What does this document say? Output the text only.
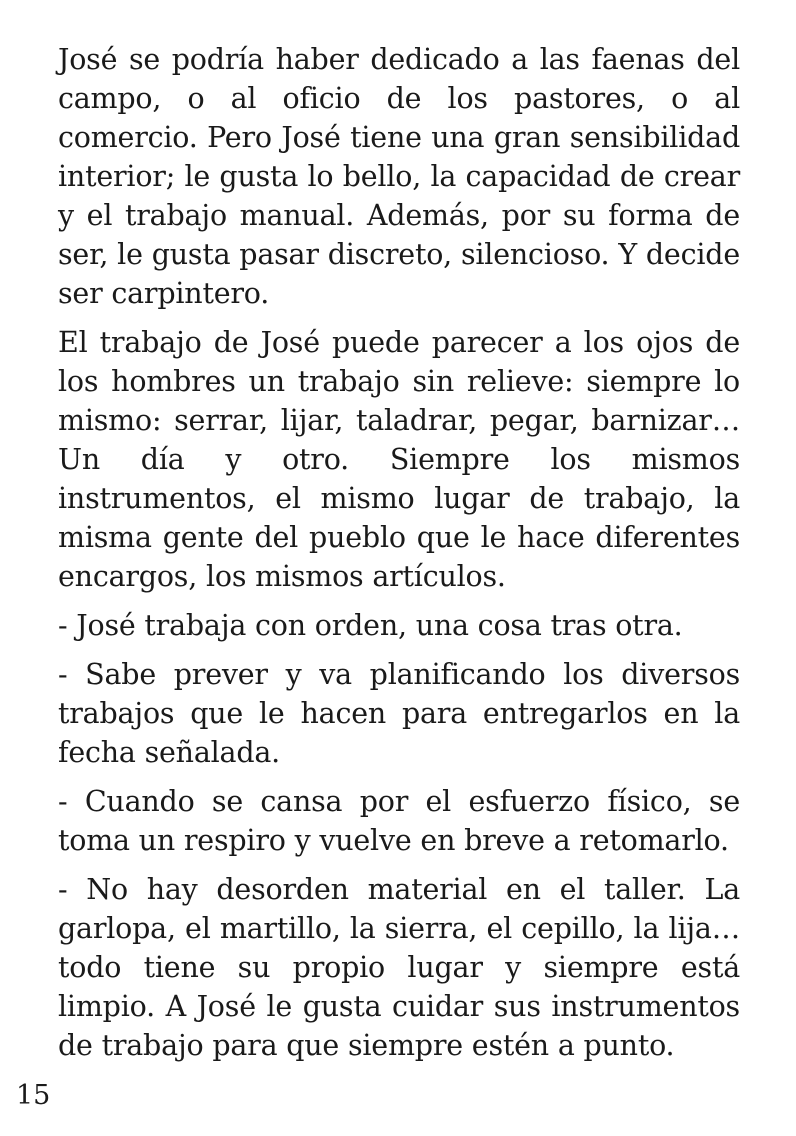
José se podría haber dedicado a las faenas del campo, o al oficio de los pastores, o al comercio. Pero José tiene una gran sensibilidad interior; le gusta lo bello, la capacidad de crear y el trabajo manual. Además, por su forma de ser, le gusta pasar discreto, silencioso. Y decide ser carpintero.

El trabajo de José puede parecer a los ojos de los hombres un trabajo sin relieve: siempre lo mismo: serrar, lijar, taladrar, pegar, barnizar… Un día y otro. Siempre los mismos instrumentos, el mismo lugar de trabajo, la misma gente del pueblo que le hace diferentes encargos, los mismos artículos.

- José trabaja con orden, una cosa tras otra.

- Sabe prever y va planificando los diversos trabajos que le hacen para entregarlos en la fecha señalada.

- Cuando se cansa por el esfuerzo físico, se toma un respiro y vuelve en breve a retomarlo.

- No hay desorden material en el taller. La garlopa, el martillo, la sierra, el cepillo, la lija… todo tiene su propio lugar y siempre está limpio. A José le gusta cuidar sus instrumentos de trabajo para que siempre estén a punto.

15
